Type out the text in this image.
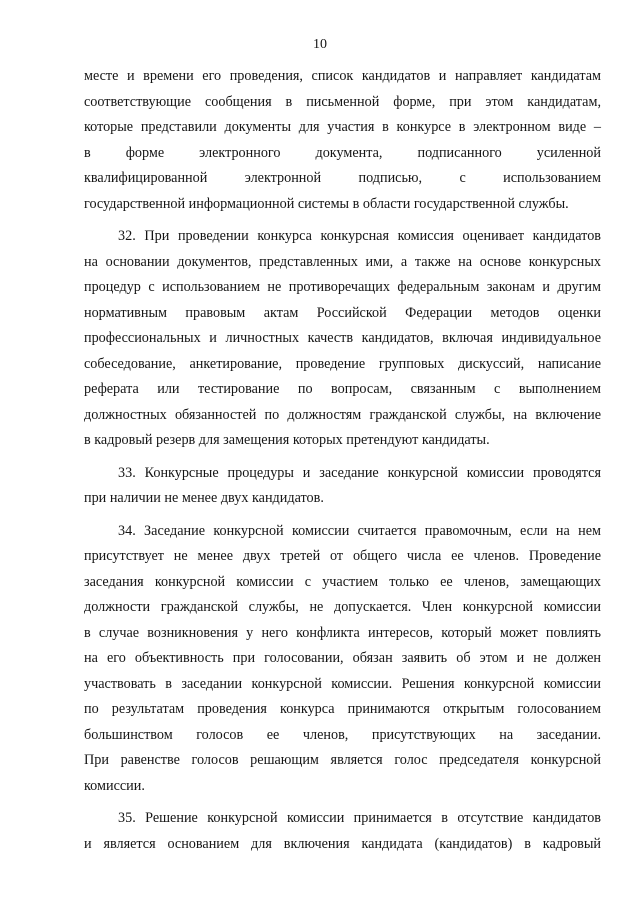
10
месте и времени его проведения, список кандидатов и направляет кандидатам
соответствующие сообщения в письменной форме, при этом кандидатам,
которые представили документы для участия в конкурсе в электронном виде –
в форме электронного документа, подписанного усиленной
квалифицированной электронной подписью, с использованием
государственной информационной системы в области государственной службы.
32. При проведении конкурса конкурсная комиссия оценивает кандидатов
на основании документов, представленных ими, а также на основе конкурсных
процедур с использованием не противоречащих федеральным законам и другим
нормативным правовым актам Российской Федерации методов оценки
профессиональных и личностных качеств кандидатов, включая индивидуальное
собеседование, анкетирование, проведение групповых дискуссий, написание
реферата или тестирование по вопросам, связанным с выполнением
должностных обязанностей по должностям гражданской службы, на включение
в кадровый резерв для замещения которых претендуют кандидаты.
33. Конкурсные процедуры и заседание конкурсной комиссии проводятся
при наличии не менее двух кандидатов.
34. Заседание конкурсной комиссии считается правомочным, если на нем
присутствует не менее двух третей от общего числа ее членов. Проведение
заседания конкурсной комиссии с участием только ее членов, замещающих
должности гражданской службы, не допускается. Член конкурсной комиссии
в случае возникновения у него конфликта интересов, который может повлиять
на его объективность при голосовании, обязан заявить об этом и не должен
участвовать в заседании конкурсной комиссии. Решения конкурсной комиссии
по результатам проведения конкурса принимаются открытым голосованием
большинством голосов ее членов, присутствующих на заседании.
При равенстве голосов решающим является голос председателя конкурсной
комиссии.
35. Решение конкурсной комиссии принимается в отсутствие кандидатов
и является основанием для включения кандидата (кандидатов) в кадровый
